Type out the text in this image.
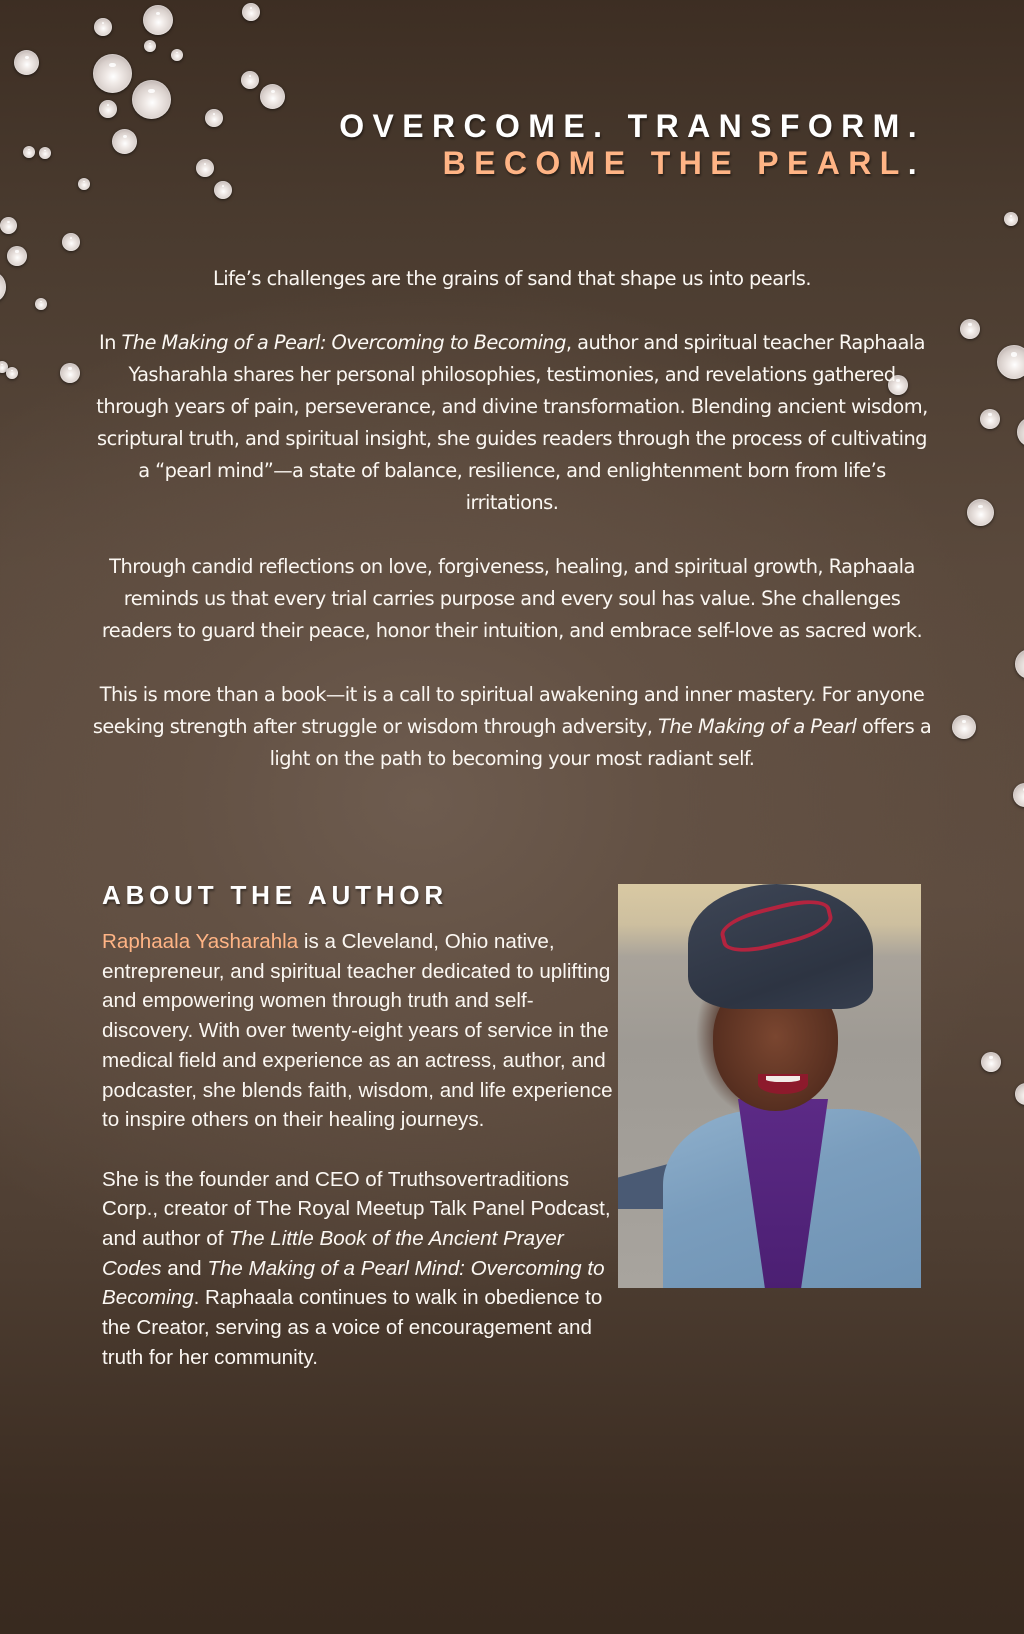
OVERCOME. TRANSFORM.
BECOME THE PEARL.

Life’s challenges are the grains of sand that shape us into pearls.

In The Making of a Pearl: Overcoming to Becoming, author and spiritual teacher Raphaala Yasharahla shares her personal philosophies, testimonies, and revelations gathered through years of pain, perseverance, and divine transformation. Blending ancient wisdom, scriptural truth, and spiritual insight, she guides readers through the process of cultivating a “pearl mind”—a state of balance, resilience, and enlightenment born from life’s irritations.

Through candid reflections on love, forgiveness, healing, and spiritual growth, Raphaala reminds us that every trial carries purpose and every soul has value. She challenges readers to guard their peace, honor their intuition, and embrace self-love as sacred work.

This is more than a book—it is a call to spiritual awakening and inner mastery. For anyone seeking strength after struggle or wisdom through adversity, The Making of a Pearl offers a light on the path to becoming your most radiant self.

ABOUT THE AUTHOR

Raphaala Yasharahla is a Cleveland, Ohio native, entrepreneur, and spiritual teacher dedicated to uplifting and empowering women through truth and self-discovery. With over twenty-eight years of service in the medical field and experience as an actress, author, and podcaster, she blends faith, wisdom, and life experience to inspire others on their healing journeys.

She is the founder and CEO of Truthsovertraditions Corp., creator of The Royal Meetup Talk Panel Podcast, and author of The Little Book of the Ancient Prayer Codes and The Making of a Pearl Mind: Overcoming to Becoming. Raphaala continues to walk in obedience to the Creator, serving as a voice of encouragement and truth for her community.
